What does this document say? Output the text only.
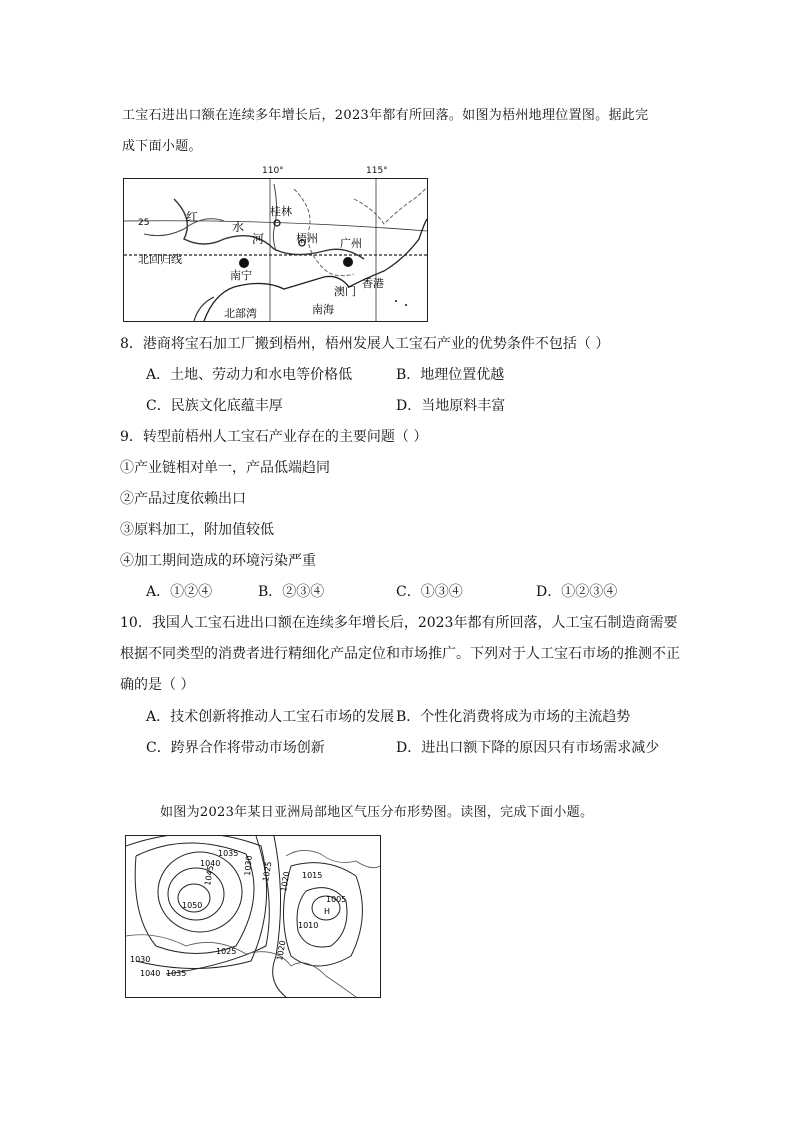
工宝石进出口额在连续多年增长后，2023年都有所回落。如图为梧州地理位置图。据此完
成下面小题。
25	红
水
河
桂林
梧州 广州
北回归线
南宁
澳门
香港
北部湾	南海
110°	115°
8．港商将宝石加工厂搬到梧州，梧州发展人工宝石产业的优势条件不包括（ ）
A．土地、劳动力和水电等价格低	B．地理位置优越
C．民族文化底蕴丰厚	D．当地原料丰富
9．转型前梧州人工宝石产业存在的主要问题（ ）
①产业链相对单一，产品低端趋同
②产品过度依赖出口
③原料加工，附加值较低
④加工期间造成的环境污染严重
A．①②④	B．②③④	C．①③④	D．①②③④
10．我国人工宝石进出口额在连续多年增长后，2023年都有所回落，人工宝石制造商需要
根据不同类型的消费者进行精细化产品定位和市场推广。下列对于人工宝石市场的推测不正
确的是（ ）
A．技术创新将推动人工宝石市场的发展 B．个性化消费将成为市场的主流趋势
C．跨界合作将带动市场创新	D．进出口额下降的原因只有市场需求减少
如图为2023年某日亚洲局部地区气压分布形势图。读图，完成下面小题。
1035
1040
1045
1050
1030 1025 1020 1015
1005
H
1010
1025
1030
1040 1035
1020
